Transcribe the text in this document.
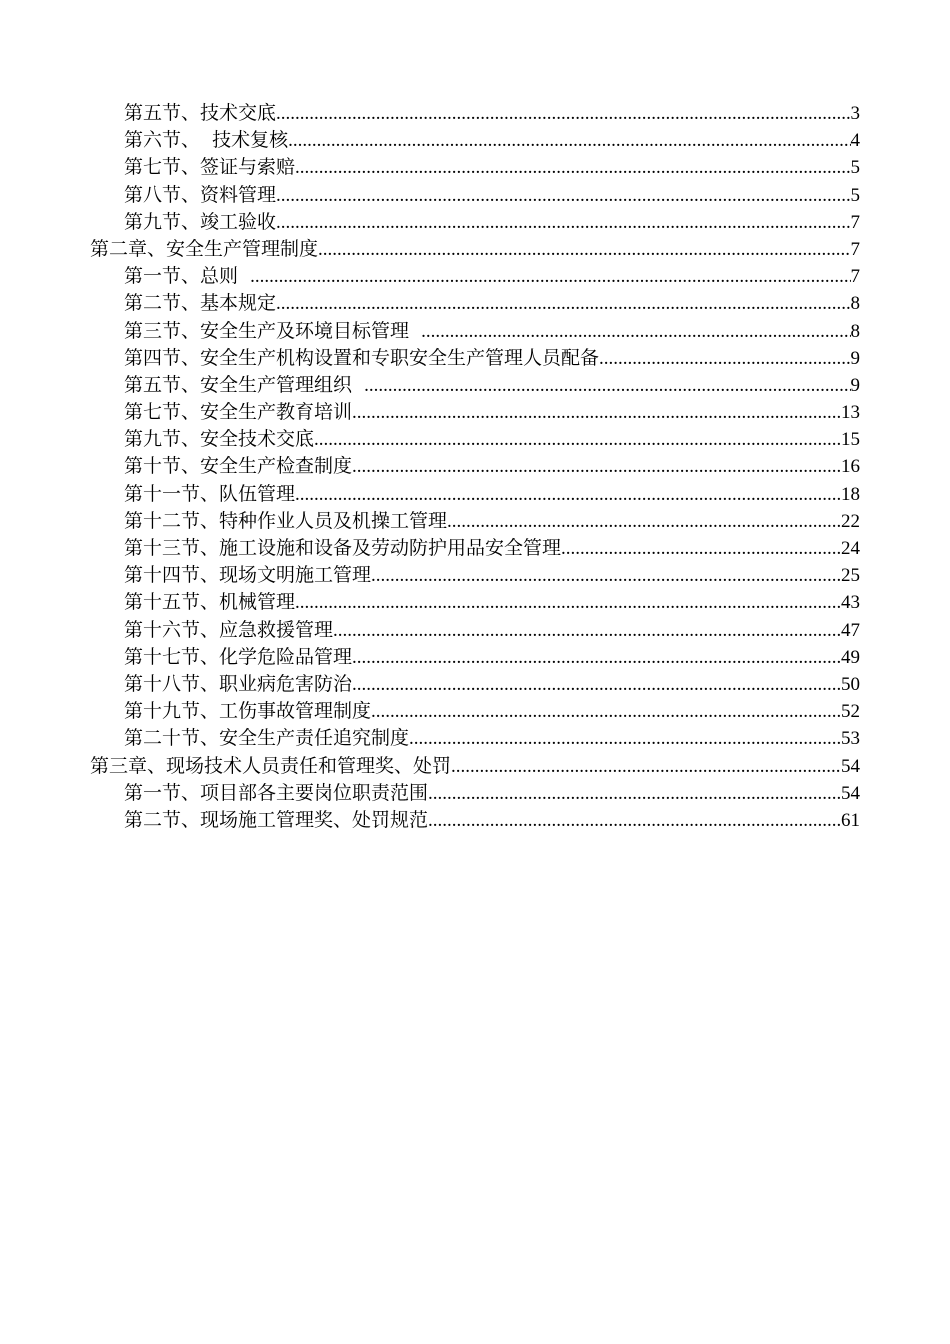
第五节、技术交底 .....	3
第六节、  技术复核 .....	4
第七节、签证与索赔 .....	5
第八节、资料管理 .....	5
第九节、竣工验收 .....	7
第二章、安全生产管理制度 .....	7
第一节、总则 .....	7
第二节、基本规定 .....	8
第三节、安全生产及环境目标管理 .....	8
第四节、安全生产机构设置和专职安全生产管理人员配备 .....	9
第五节、安全生产管理组织 .....	9
第七节、安全生产教育培训 .....	13
第九节、安全技术交底 .....	15
第十节、安全生产检查制度 .....	16
第十一节、队伍管理 .....	18
第十二节、特种作业人员及机操工管理 .....	22
第十三节、施工设施和设备及劳动防护用品安全管理 .....	24
第十四节、现场文明施工管理 .....	25
第十五节、机械管理 .....	43
第十六节、应急救援管理 .....	47
第十七节、化学危险品管理 .....	49
第十八节、职业病危害防治 .....	50
第十九节、工伤事故管理制度 .....	52
第二十节、安全生产责任追究制度 .....	53
第三章、现场技术人员责任和管理奖、处罚 .....	54
第一节、项目部各主要岗位职责范围 .....	54
第二节、现场施工管理奖、处罚规范 .....	61
